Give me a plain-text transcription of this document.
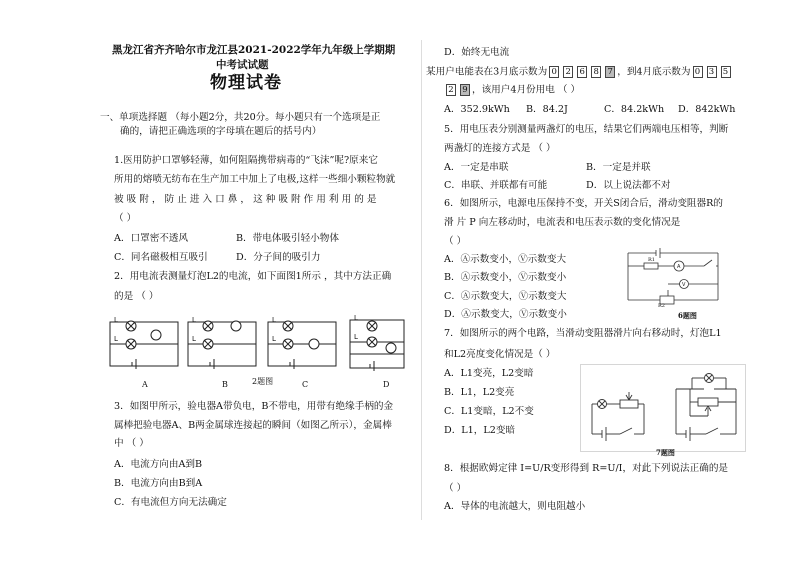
黑龙江省齐齐哈尔市龙江县2021-2022学年九年级上学期期
中考试试题
物理试卷
一、单项选择题 （每小题2分，共20分。每小题只有一个选项是正
确的，请把正确选项的字母填在题后的括号内）
1.医用防护口罩够轻薄，如何阻隔携带病毒的“飞沫”呢?原来它
所用的熔喷无纺布在生产加工中加上了电极,这样一些细小颗粒物就
被 吸 附 ， 防 止 进 入 口 鼻 ， 这 种 吸 附 作 用 利 用 的 是
（ ）
A．口罩密不透风	B．带电体吸引轻小物体
C．同名磁极相互吸引	D．分子间的吸引力
2．用电流表测量灯泡L2的电流，如下面图1所示 ，其中方法正确
的是 （ ）
L
L
L
L
L
L
L
L
A	B	C	D
2题图
3．如图甲所示，验电器A带负电，B不带电，用带有绝缘手柄的金
属棒把验电器A、B两金属球连接起的瞬间（如图乙所示），金属棒
中 （ ）
A．电流方向由A到B
B．电流方向由B到A
C．有电流但方向无法确定
D．始终无电流
某用户电能表在3月底示数为 0 2 6 8 7 ，到4月底示数为 0 3 5
2 9 ，该用户4月份用电 （ ）
A．352.9kWh B．84.2J	C．84.2kWh D．842kWh
5．用电压表分别测量两盏灯的电压，结果它们两端电压相等，判断
两盏灯的连接方式是 （ ）
A．一定是串联	B．一定是并联
C．串联、并联都有可能	D．以上说法都不对
6．如图所示，电源电压保持不变，开关S闭合后，滑动变阻器R的
滑 片 P 向左移动时，电流表和电压表示数的变化情况是
（ ）
A．Ⓐ示数变小，Ⓥ示数变大
B．Ⓐ示数变小，Ⓥ示数变小
C．Ⓐ示数变大，Ⓥ示数变大
D．Ⓐ示数变大，Ⓥ示数变小
A
V
R1
R2
6题图
7．如图所示的两个电路，当滑动变阻器滑片向右移动时，灯泡L1
和L2亮度变化情况是（ ）
A．L1变亮，L2变暗
B．L1，L2变亮
C．L1变暗，L2不变
D．L1，L2变暗
7题图
8．根据欧姆定律 I=U/R变形得到 R=U/I，对此下列说法正确的是
（ ）
A．导体的电流越大，则电阻越小
